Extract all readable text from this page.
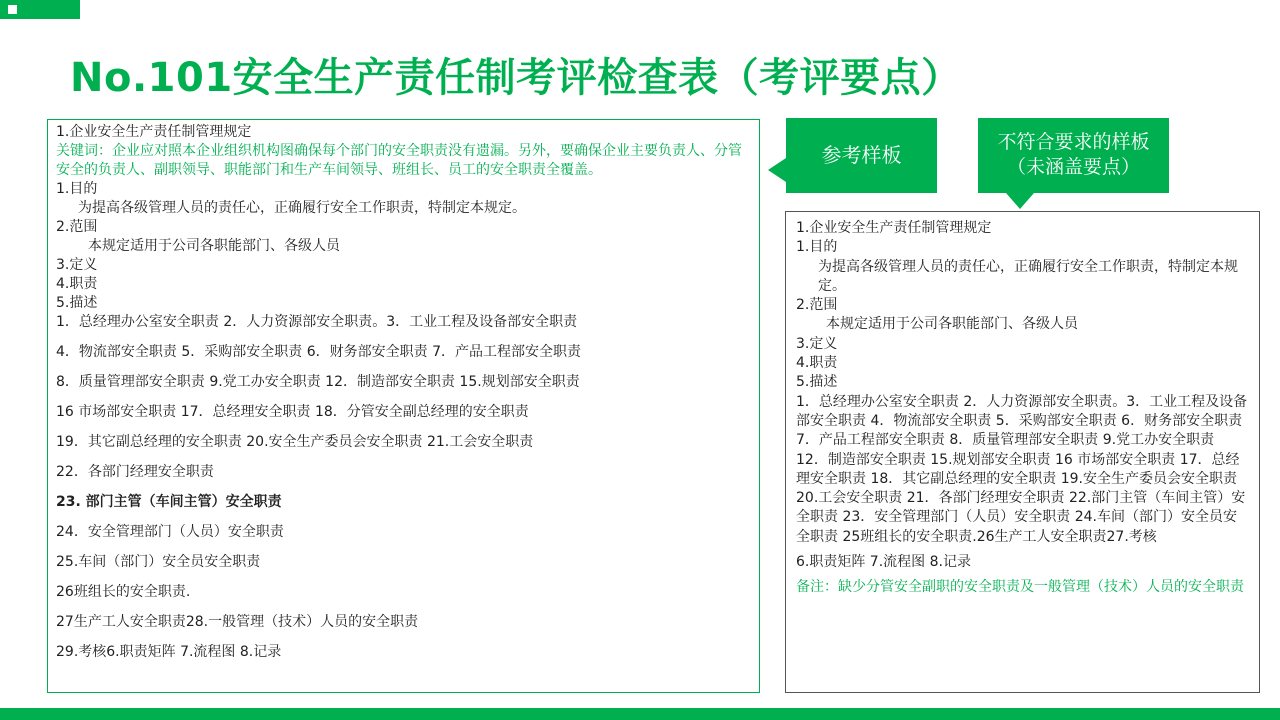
No.101安全生产责任制考评检查表（考评要点）
1.企业安全生产责任制管理规定
关键词：企业应对照本企业组织机构图确保每个部门的安全职责没有遗漏。另外，要确保企业主要负责人、分管安全的负责人、副职领导、职能部门和生产车间领导、班组长、员工的安全职责全覆盖。
1.目的
为提高各级管理人员的责任心，正确履行安全工作职责，特制定本规定。
2.范围
本规定适用于公司各职能部门、各级人员
3.定义
4.职责
5.描述
1．总经理办公室安全职责 2．人力资源部安全职责。3．工业工程及设备部安全职责
4．物流部安全职责 5．采购部安全职责 6．财务部安全职责 7．产品工程部安全职责
8．质量管理部安全职责 9.党工办安全职责 12．制造部安全职责 15.规划部安全职责
16 市场部安全职责 17．总经理安全职责 18．分管安全副总经理的安全职责
19．其它副总经理的安全职责 20.安全生产委员会安全职责 21.工会安全职责
22．各部门经理安全职责
23. 部门主管（车间主管）安全职责
24．安全管理部门（人员）安全职责
25.车间（部门）安全员安全职责
26班组长的安全职责.
27生产工人安全职责28.一般管理（技术）人员的安全职责
29.考核6.职责矩阵 7.流程图 8.记录
参考样板
不符合要求的样板
（未涵盖要点）
1.企业安全生产责任制管理规定
1.目的
为提高各级管理人员的责任心，正确履行安全工作职责，特制定本规定。
2.范围
本规定适用于公司各职能部门、各级人员
3.定义
4.职责
5.描述
1．总经理办公室安全职责 2．人力资源部安全职责。3．工业工程及设备部安全职责 4．物流部安全职责 5．采购部安全职责 6．财务部安全职责 7．产品工程部安全职责 8．质量管理部安全职责 9.党工办安全职责 12．制造部安全职责 15.规划部安全职责 16 市场部安全职责 17．总经理安全职责 18．其它副总经理的安全职责 19.安全生产委员会安全职责 20.工会安全职责 21．各部门经理安全职责 22.部门主管（车间主管）安全职责 23．安全管理部门（人员）安全职责 24.车间（部门）安全员安全职责 25班组长的安全职责.26生产工人安全职责27.考核
6.职责矩阵 7.流程图 8.记录
备注：缺少分管安全副职的安全职责及一般管理（技术）人员的安全职责
